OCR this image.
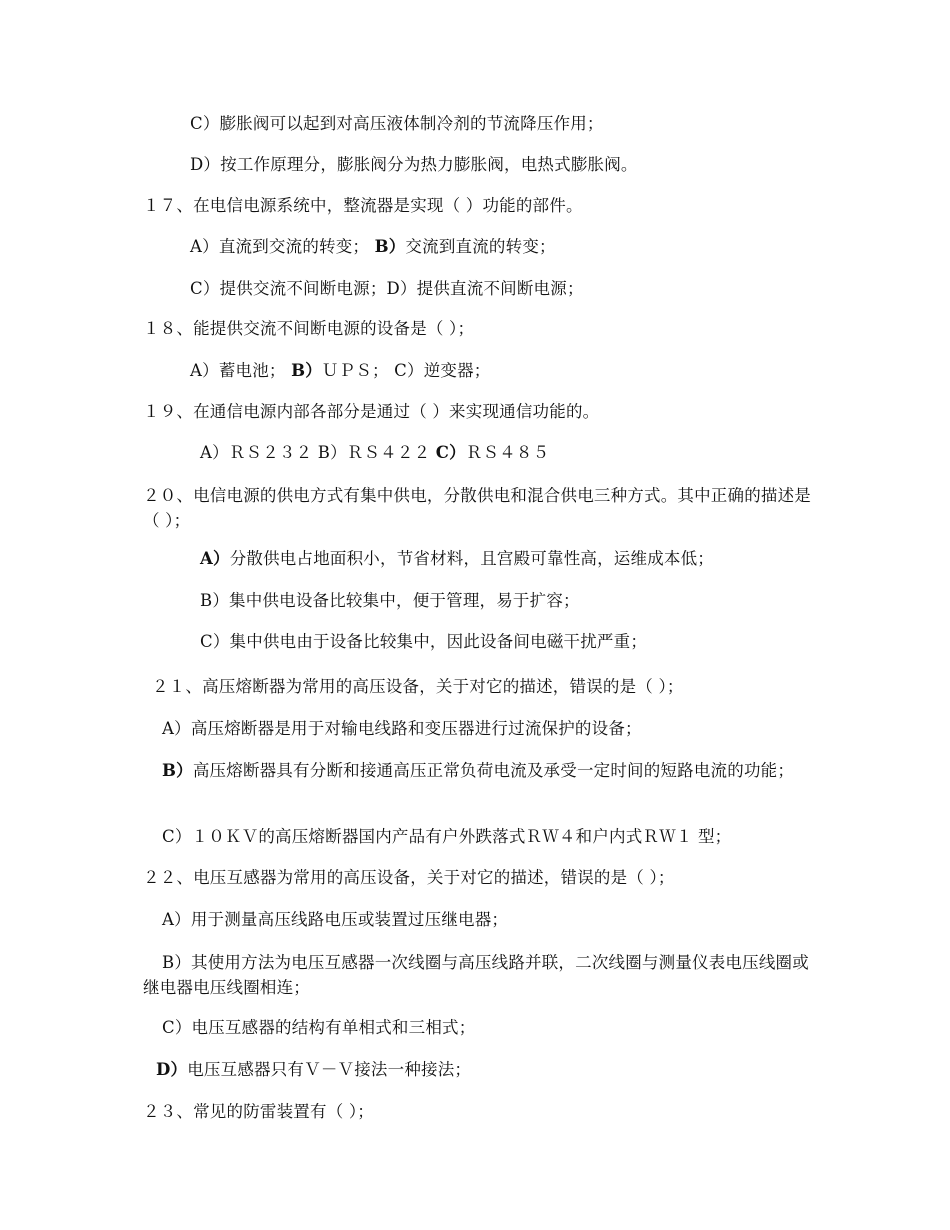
C）膨胀阀可以起到对高压液体制冷剂的节流降压作用；
D）按工作原理分，膨胀阀分为热力膨胀阀，电热式膨胀阀。
１７、在电信电源系统中，整流器是实现（ ）功能的部件。
A）直流到交流的转变； B）交流到直流的转变；
C）提供交流不间断电源；D）提供直流不间断电源；
１８、能提供交流不间断电源的设备是（ ）；
A）蓄电池； B）ＵＰＳ； C）逆变器；
１９、在通信电源内部各部分是通过（ ）来实现通信功能的。
A）ＲＳ２３２ B）ＲＳ４２２ C）ＲＳ４８５
２０、电信电源的供电方式有集中供电，分散供电和混合供电三种方式。其中正确的描述是（ ）；
A）分散供电占地面积小，节省材料，且宫殿可靠性高，运维成本低；
B）集中供电设备比较集中，便于管理，易于扩容；
C）集中供电由于设备比较集中，因此设备间电磁干扰严重；
２１、高压熔断器为常用的高压设备，关于对它的描述，错误的是（ ）；
A）高压熔断器是用于对输电线路和变压器进行过流保护的设备；
B）高压熔断器具有分断和接通高压正常负荷电流及承受一定时间的短路电流的功能；
C）１０ＫＶ的高压熔断器国内产品有户外跌落式ＲＷ４和户内式ＲＷ１ 型；
２２、电压互感器为常用的高压设备，关于对它的描述，错误的是（ ）；
A）用于测量高压线路电压或装置过压继电器；
B）其使用方法为电压互感器一次线圈与高压线路并联，二次线圈与测量仪表电压线圈或继电器电压线圈相连；
C）电压互感器的结构有单相式和三相式；
D）电压互感器只有Ｖ－Ｖ接法一种接法；
２３、常见的防雷装置有（ ）；
